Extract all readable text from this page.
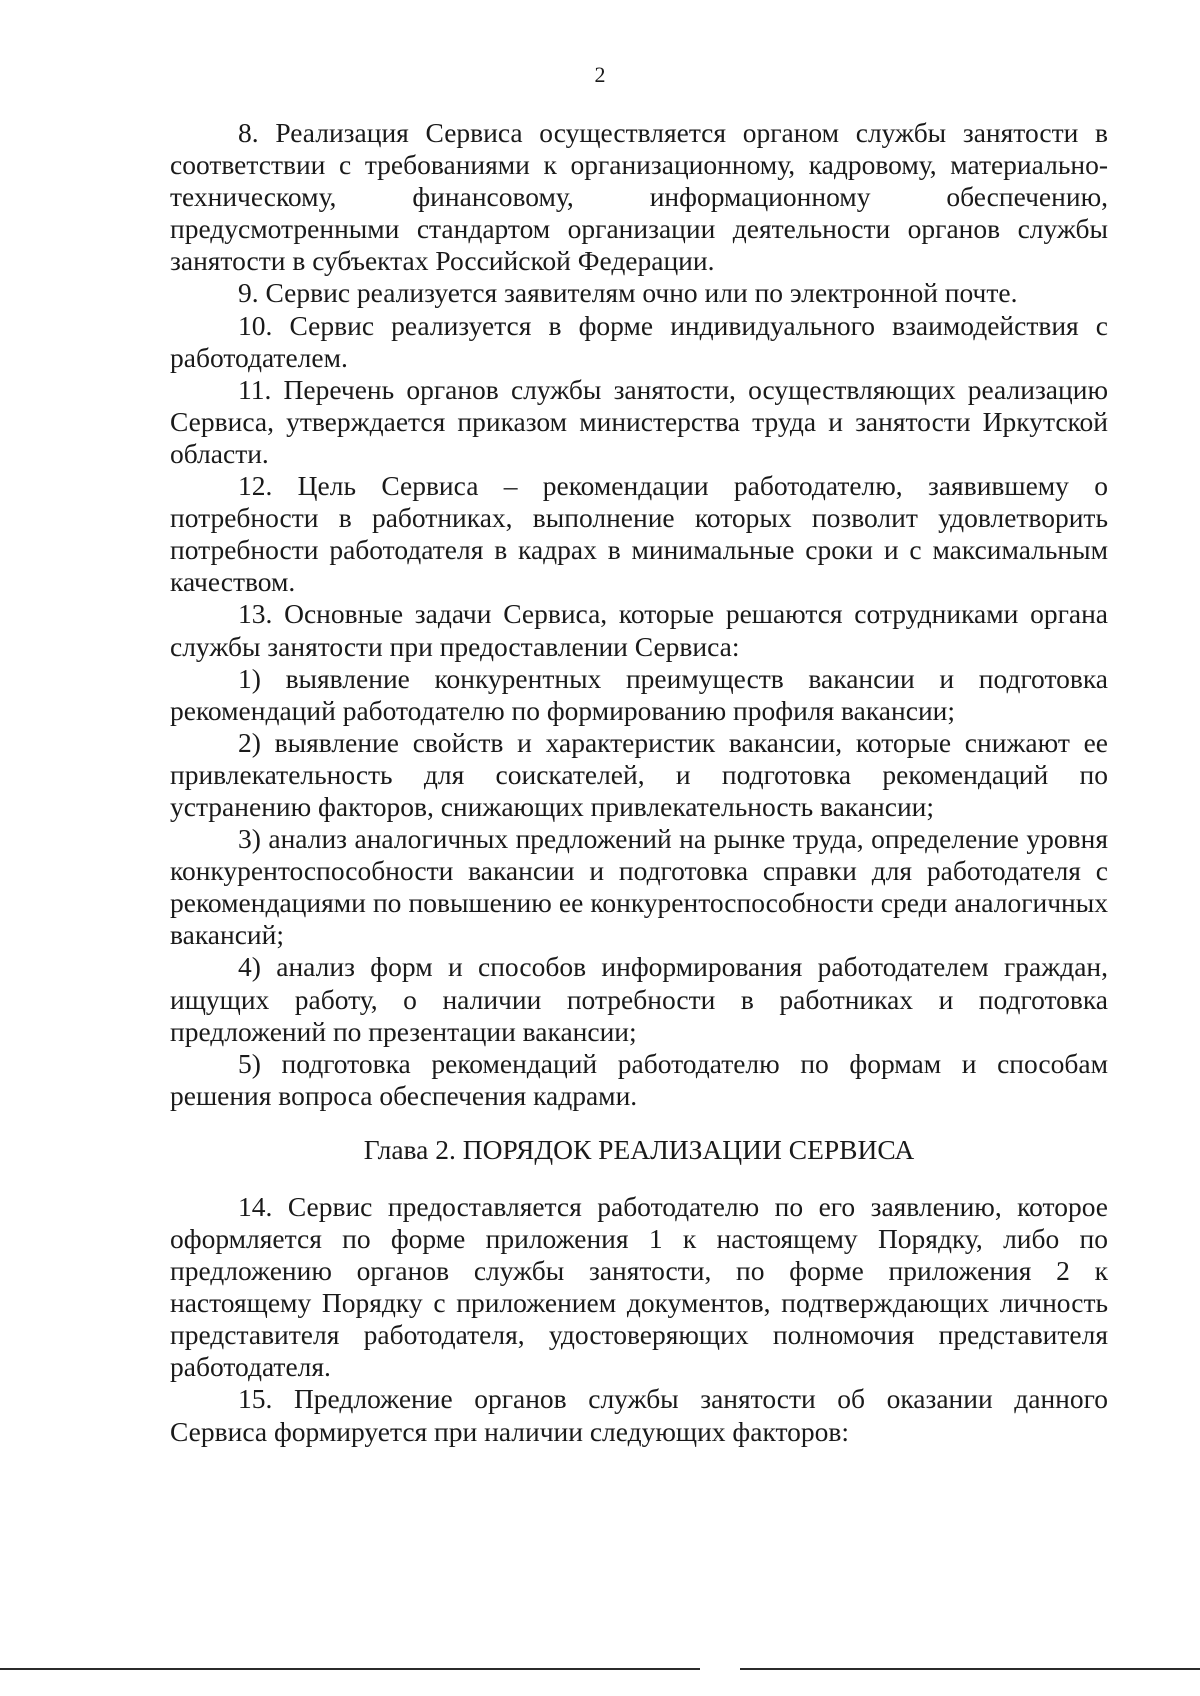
2

8. Реализация Сервиса осуществляется органом службы занятости в соответствии с требованиями к организационному, кадровому, материально-техническому, финансовому, информационному обеспечению, предусмотренными стандартом организации деятельности органов службы занятости в субъектах Российской Федерации.

9. Сервис реализуется заявителям очно или по электронной почте.

10. Сервис реализуется в форме индивидуального взаимодействия с работодателем.

11. Перечень органов службы занятости, осуществляющих реализацию Сервиса, утверждается приказом министерства труда и занятости Иркутской области.

12. Цель Сервиса – рекомендации работодателю, заявившему о потребности в работниках, выполнение которых позволит удовлетворить потребности работодателя в кадрах в минимальные сроки и с максимальным качеством.

13. Основные задачи Сервиса, которые решаются сотрудниками органа службы занятости при предоставлении Сервиса:

1) выявление конкурентных преимуществ вакансии и подготовка рекомендаций работодателю по формированию профиля вакансии;

2) выявление свойств и характеристик вакансии, которые снижают ее привлекательность для соискателей, и подготовка рекомендаций по устранению факторов, снижающих привлекательность вакансии;

3) анализ аналогичных предложений на рынке труда, определение уровня конкурентоспособности вакансии и подготовка справки для работодателя с рекомендациями по повышению ее конкурентоспособности среди аналогичных вакансий;

4) анализ форм и способов информирования работодателем граждан, ищущих работу, о наличии потребности в работниках и подготовка предложений по презентации вакансии;

5) подготовка рекомендаций работодателю по формам и способам решения вопроса обеспечения кадрами.

Глава 2. ПОРЯДОК РЕАЛИЗАЦИИ СЕРВИСА

14. Сервис предоставляется работодателю по его заявлению, которое оформляется по форме приложения 1 к настоящему Порядку, либо по предложению органов службы занятости, по форме приложения 2 к настоящему Порядку с приложением документов, подтверждающих личность представителя работодателя, удостоверяющих полномочия представителя работодателя.

15. Предложение органов службы занятости об оказании данного Сервиса формируется при наличии следующих факторов:
